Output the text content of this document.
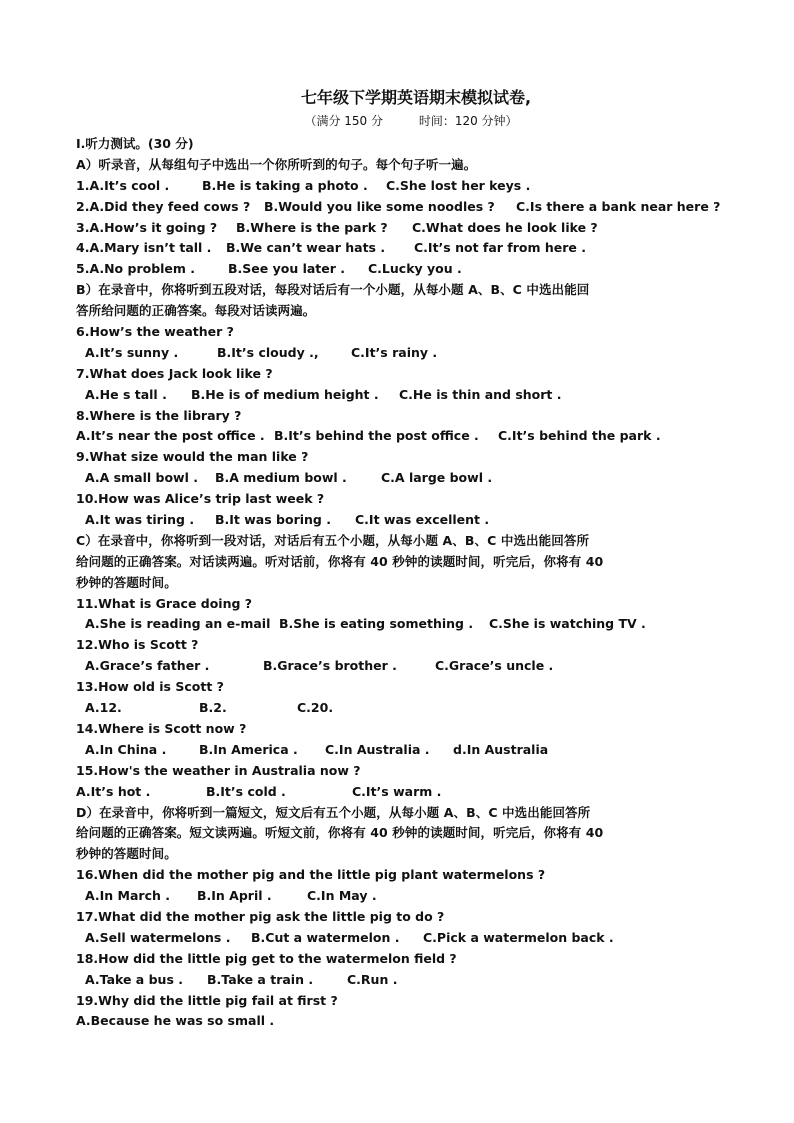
七年级下学期英语期末模拟试卷,
（满分 150 分	时间：120 分钟）
I.听力测试。(30 分)
A）听录音，从每组句子中选出一个你所听到的句子。每个句子听一遍。
1.A.It’s cool .	B.He is taking a photo . C.She lost her keys .
2.A.Did they feed cows ? B.Would you like some noodles ? C.Is there a bank near here ?
3.A.How’s it going ? B.Where is the park ? C.What does he look like ?
4.A.Mary isn’t tall . B.We can’t wear hats . C.It’s not far from here .
5.A.No problem .	B.See you later . C.Lucky you .
B）在录音中，你将听到五段对话，每段对话后有一个小题，从每小题 A、B、C 中选出能回
答所给问题的正确答案。每段对话读两遍。
6.How’s the weather ?
A.It’s sunny .	B.It’s cloudy .,	C.It’s rainy .
7.What does Jack look like ?
A.He s tall . B.He is of medium height . C.He is thin and short .
8.Where is the library ?
A.It’s near the post office . B.It’s behind the post office . C.It’s behind the park .
9.What size would the man like ?
A.A small bowl . B.A medium bowl .	C.A large bowl .
10.How was Alice’s trip last week ?
A.It was tiring . B.It was boring . C.It was excellent .
C）在录音中，你将听到一段对话，对话后有五个小题，从每小题 A、B、C 中选出能回答所
给问题的正确答案。对话读两遍。听对话前，你将有 40 秒钟的读题时间，听完后，你将有 40
秒钟的答题时间。
11.What is Grace doing ?
A.She is reading an e-mail B.She is eating something . C.She is watching TV .
12.Who is Scott ?
A.Grace’s father .	B.Grace’s brother .	C.Grace’s uncle .
13.How old is Scott ?
A.12.	B.2.	C.20.
14.Where is Scott now ?
A.In China .	B.In America . C.In Australia . d.In Australia
15.How's the weather in Australia now ?
A.It’s hot .	B.It’s cold .	C.It’s warm .
D）在录音中，你将听到一篇短文，短文后有五个小题，从每小题 A、B、C 中选出能回答所
给问题的正确答案。短文读两遍。听短文前，你将有 40 秒钟的读题时间，听完后，你将有 40
秒钟的答题时间。
16.When did the mother pig and the little pig plant watermelons ?
A.In March . B.In April .	C.In May .
17.What did the mother pig ask the little pig to do ?
A.Sell watermelons . B.Cut a watermelon . C.Pick a watermelon back .
18.How did the little pig get to the watermelon field ?
A.Take a bus . B.Take a train .	C.Run .
19.Why did the little pig fail at first ?
A.Because he was so small .
